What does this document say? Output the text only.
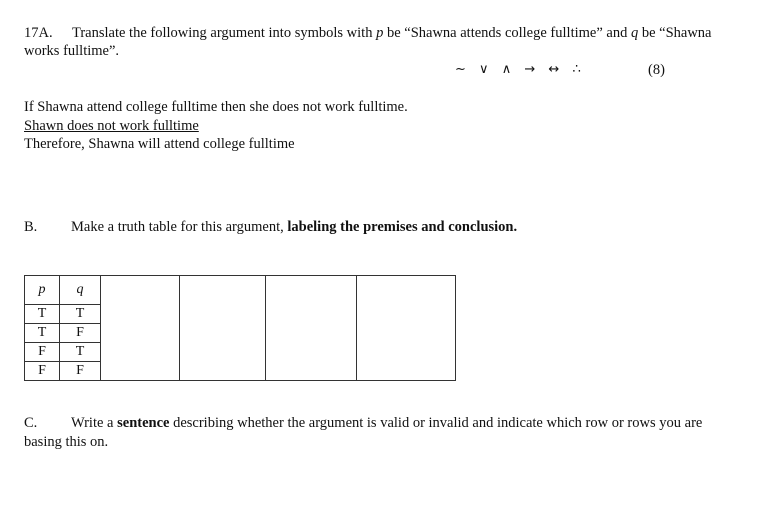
17A. Translate the following argument into symbols with p be “Shawna attends college fulltime” and q be “Shawna works fulltime”.
~ ∨ ∧ → ↔ ∴	(8)
If Shawna attend college fulltime then she does not work fulltime.
Shawn does not work fulltime
Therefore, Shawna will attend college fulltime
B. Make a truth table for this argument, labeling the premises and conclusion.
p	q				
T	T				
T	F				
F	T				
F	F				
C. Write a sentence describing whether the argument is valid or invalid and indicate which row or rows you are basing this on.
